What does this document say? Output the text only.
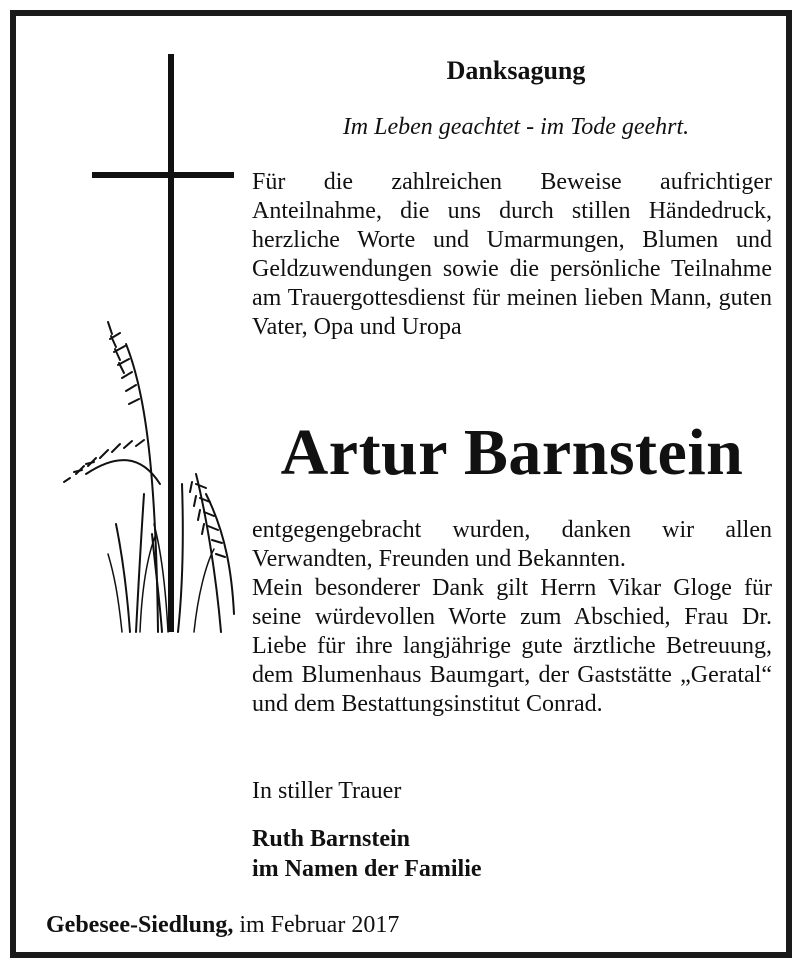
Danksagung

Im Leben geachtet - im Tode geehrt.

Für die zahlreichen Beweise aufrichtiger Anteilnahme, die uns durch stillen Händedruck, herzliche Worte und Umarmungen, Blumen und Geldzuwendungen sowie die persönliche Teilnahme am Trauergottesdienst für meinen lieben Mann, guten Vater, Opa und Uropa

Artur Barnstein
entgegengebracht wurden, danken wir allen Verwandten, Freunden und Bekannten.
Mein besonderer Dank gilt Herrn Vikar Gloge für seine würdevollen Worte zum Abschied, Frau Dr. Liebe für ihre langjährige gute ärztliche Betreuung, dem Blumenhaus Baumgart, der Gaststätte „Geratal“ und dem Bestattungsinstitut Conrad.

In stiller Trauer

Ruth Barnstein

im Namen der Familie

Gebesee-Siedlung, im Februar 2017
